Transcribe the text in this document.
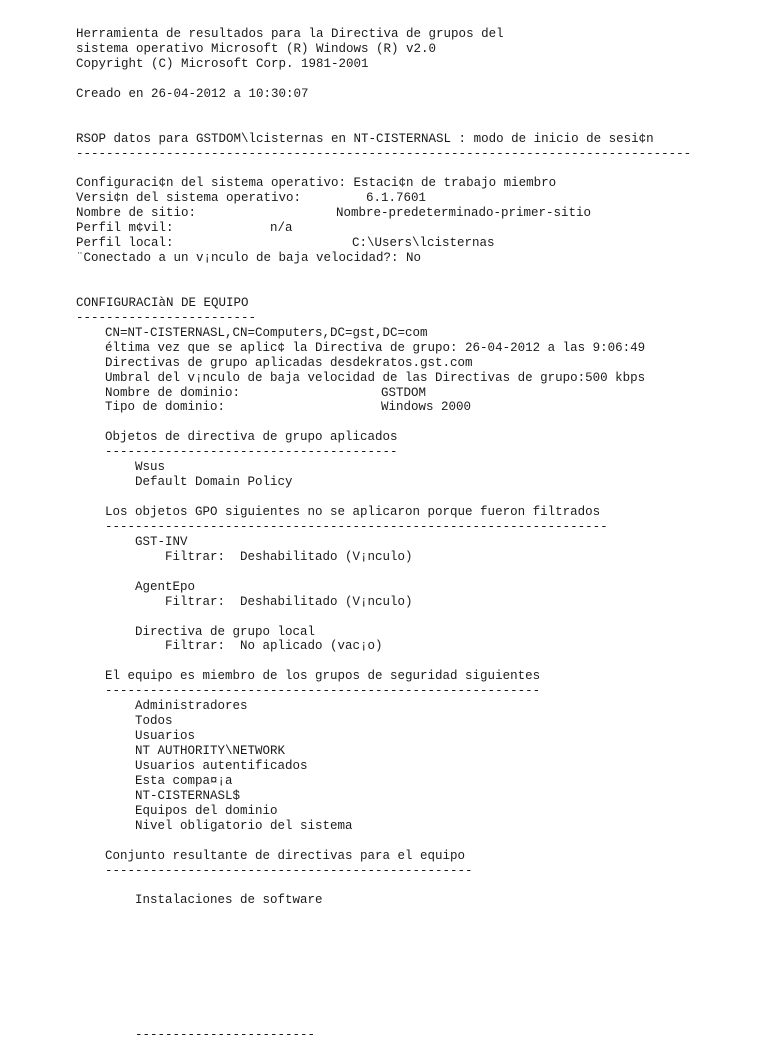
Herramienta de resultados para la Directiva de grupos del
sistema operativo Microsoft (R) Windows (R) v2.0
Copyright (C) Microsoft Corp. 1981-2001
Creado en 26-04-2012 a 10:30:07
RSOP datos para GSTDOM\lcisternas en NT-CISTERNASL : modo de inicio de sesi¢n
----------------------------------------------------------------------------------
Configuraci¢n del sistema operativo: Estaci¢n de trabajo miembro
Versi¢n del sistema operativo:	6.1.7601
Nombre de sitio:	Nombre-predeterminado-primer-sitio
Perfil m¢vil:	n/a
Perfil local:	C:\Users\lcisternas
¨Conectado a un v¡nculo de baja velocidad?: No
CONFIGURACIàN DE EQUIPO
------------------------
CN=NT-CISTERNASL,CN=Computers,DC=gst,DC=com
éltima vez que se aplic¢ la Directiva de grupo: 26-04-2012 a las 9:06:49
Directivas de grupo aplicadas desdekratos.gst.com
Umbral del v¡nculo de baja velocidad de las Directivas de grupo:500 kbps
Nombre de dominio:	GSTDOM
Tipo de dominio:	Windows 2000
Objetos de directiva de grupo aplicados
---------------------------------------
Wsus
Default Domain Policy
Los objetos GPO siguientes no se aplicaron porque fueron filtrados
-------------------------------------------------------------------
GST-INV
Filtrar:  Deshabilitado (V¡nculo)
AgentEpo
Filtrar:  Deshabilitado (V¡nculo)
Directiva de grupo local
Filtrar:  No aplicado (vac¡o)
El equipo es miembro de los grupos de seguridad siguientes
----------------------------------------------------------
Administradores
Todos
Usuarios
NT AUTHORITY\NETWORK
Usuarios autentificados
Esta compa¤¡a
NT-CISTERNASL$
Equipos del dominio
Nivel obligatorio del sistema
Conjunto resultante de directivas para el equipo
-------------------------------------------------
Instalaciones de software
------------------------
